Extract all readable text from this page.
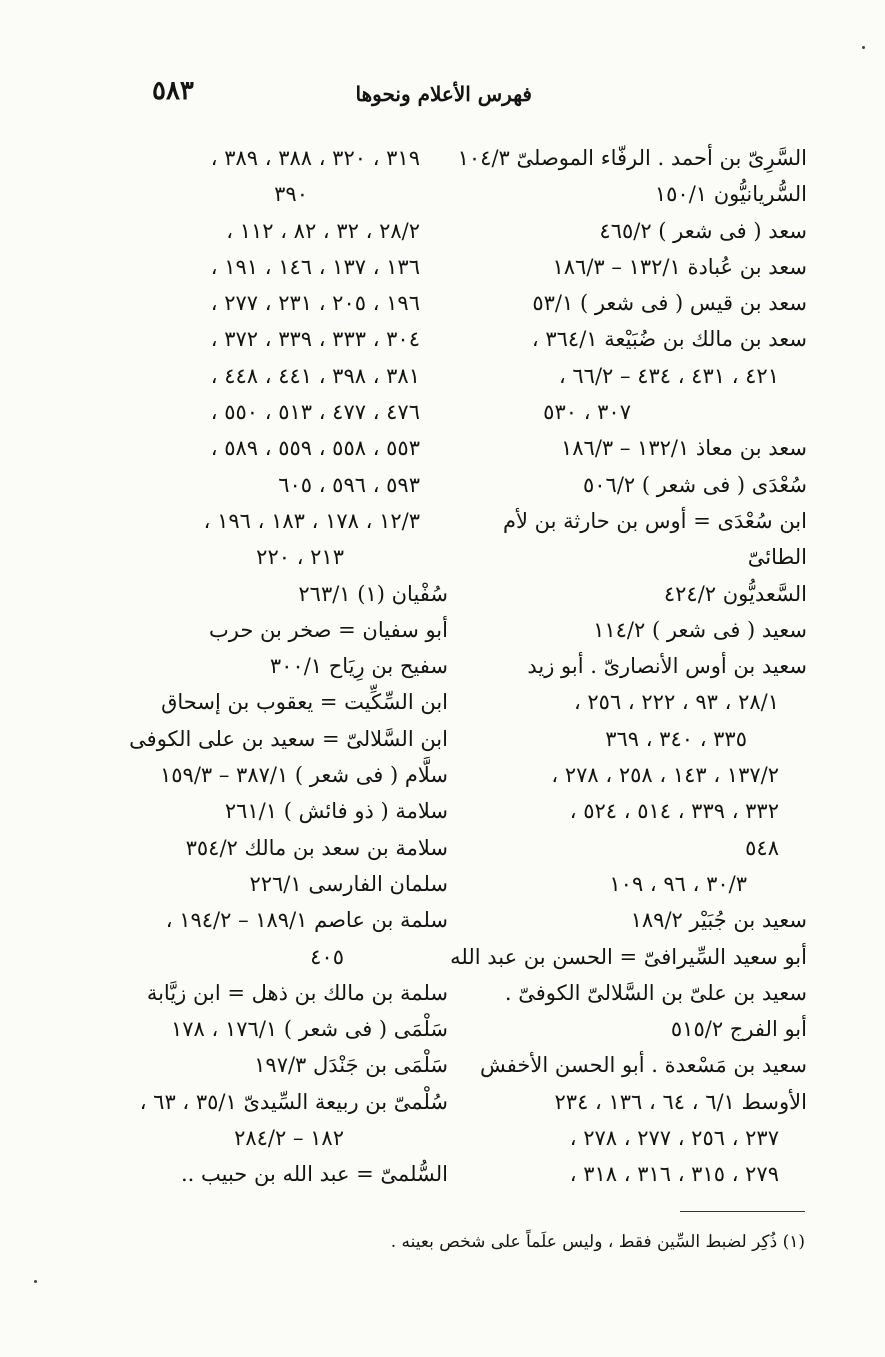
فهرس الأعلام ونحوها
٥٨٣
السَّرِىّ بن أحمد . الرفّاء الموصلىّ ١٠٤/٣
السُّريانيُّون ١٥٠/١
سعد ( فى شعر ) ٤٦٥/٢
سعد بن عُبادة ١٣٢/١ – ١٨٦/٣
سعد بن قيس ( فى شعر ) ٥٣/١
سعد بن مالك بن ضُبَيْعة ٣٦٤/١ ،
٤٢١ ، ٤٣١ ، ٤٣٤ – ٦٦/٢ ،
٣٠٧ ، ٥٣٠
سعد بن معاذ ١٣٢/١ – ١٨٦/٣
سُعْدَى ( فى شعر ) ٥٠٦/٢
ابن سُعْدَى = أوس بن حارثة بن لأم
الطائىّ
السَّعديُّون ٤٢٤/٢
سعيد ( فى شعر ) ١١٤/٢
سعيد بن أوس الأنصارىّ . أبو زيد
٢٨/١ ، ٩٣ ، ٢٢٢ ، ٢٥٦ ،
٣٣٥ ، ٣٤٠ ، ٣٦٩
١٣٧/٢ ، ١٤٣ ، ٢٥٨ ، ٢٧٨ ،
٣٣٢ ، ٣٣٩ ، ٥١٤ ، ٥٢٤ ،
٥٤٨
٣٠/٣ ، ٩٦ ، ١٠٩
سعيد بن جُبَيْر ١٨٩/٢
أبو سعيد السِّيرافىّ = الحسن بن عبد الله
سعيد بن علىّ بن السَّلالىّ الكوفىّ .
أبو الفرج ٥١٥/٢
سعيد بن مَسْعدة . أبو الحسن الأخفش
الأوسط ٦/١ ، ٦٤ ، ١٣٦ ، ٢٣٤
٢٣٧ ، ٢٥٦ ، ٢٧٧ ، ٢٧٨ ،
٢٧٩ ، ٣١٥ ، ٣١٦ ، ٣١٨ ،
٣١٩ ، ٣٢٠ ، ٣٨٨ ، ٣٨٩ ،
٣٩٠
٢٨/٢ ، ٣٢ ، ٨٢ ، ١١٢ ،
١٣٦ ، ١٣٧ ، ١٤٦ ، ١٩١ ،
١٩٦ ، ٢٠٥ ، ٢٣١ ، ٢٧٧ ،
٣٠٤ ، ٣٣٣ ، ٣٣٩ ، ٣٧٢ ،
٣٨١ ، ٣٩٨ ، ٤٤١ ، ٤٤٨ ،
٤٧٦ ، ٤٧٧ ، ٥١٣ ، ٥٥٠ ،
٥٥٣ ، ٥٥٨ ، ٥٥٩ ، ٥٨٩ ،
٥٩٣ ، ٥٩٦ ، ٦٠٥
١٢/٣ ، ١٧٨ ، ١٨٣ ، ١٩٦ ،
٢١٣ ، ٢٢٠
سُفْيان (١) ٢٦٣/١
أبو سفيان = صخر بن حرب
سفيح بن رِيَاح ٣٠٠/١
ابن السِّكِّيت = يعقوب بن إسحاق
ابن السَّلالىّ = سعيد بن على الكوفى
سلَّام ( فى شعر ) ٣٨٧/١ – ١٥٩/٣
سلامة ( ذو فائش ) ٢٦١/١
سلامة بن سعد بن مالك ٣٥٤/٢
سلمان الفارسى ٢٢٦/١
سلمة بن عاصم ١٨٩/١ – ١٩٤/٢ ،
٤٠٥
سلمة بن مالك بن ذهل = ابن زيَّابة
سَلْمَى ( فى شعر ) ١٧٦/١ ، ١٧٨
سَلْمَى بن جَنْدَل ١٩٧/٣
سُلْمىّ بن ربيعة السِّيدىّ ٣٥/١ ، ٦٣ ،
١٨٢ – ٢٨٤/٢
السُّلمىّ = عبد الله بن حبيب ..
(١) ذُكِر لضبط السِّين فقط ، وليس علَماً على شخص بعينه .
